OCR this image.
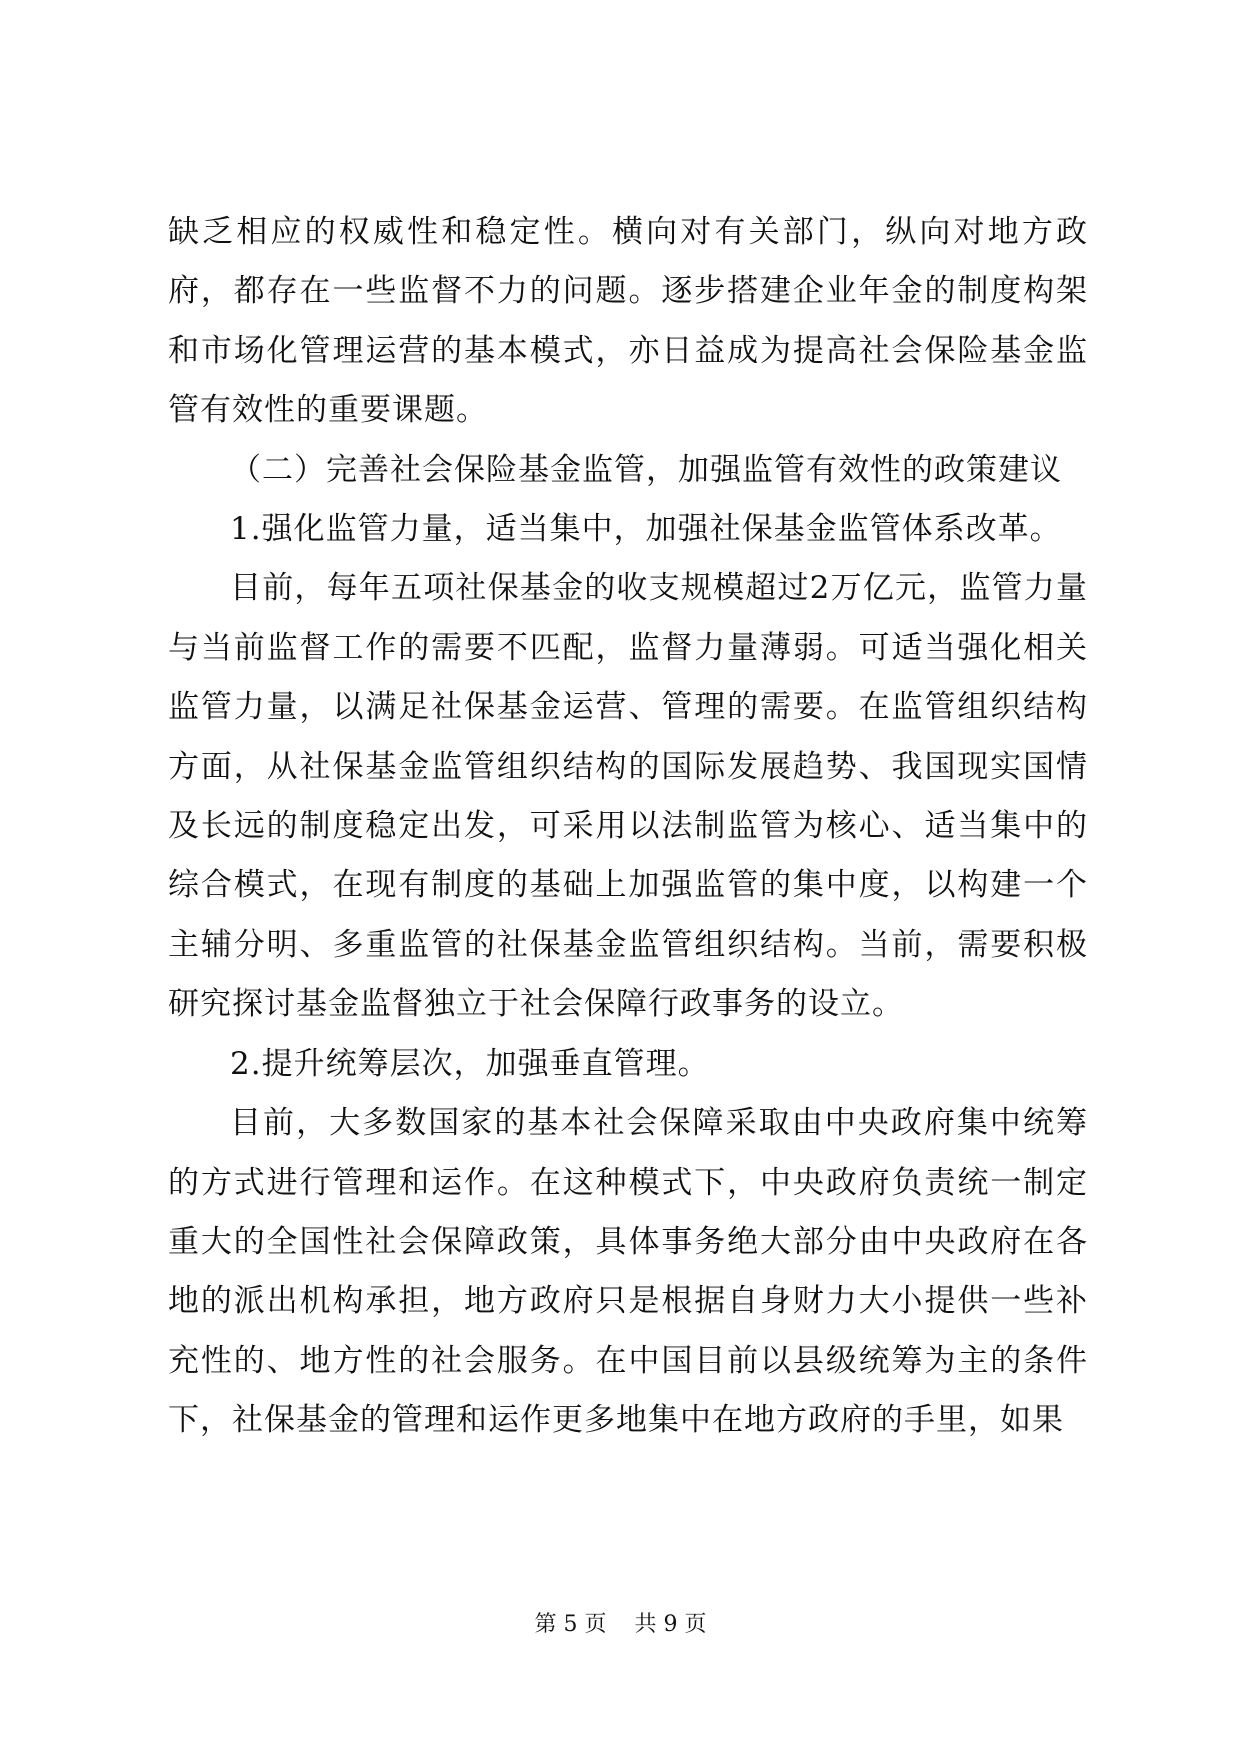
缺乏相应的权威性和稳定性。横向对有关部门，纵向对地方政府，都存在一些监督不力的问题。逐步搭建企业年金的制度构架和市场化管理运营的基本模式，亦日益成为提高社会保险基金监管有效性的重要课题。

（二）完善社会保险基金监管，加强监管有效性的政策建议

1.强化监管力量，适当集中，加强社保基金监管体系改革。

目前，每年五项社保基金的收支规模超过2万亿元，监管力量与当前监督工作的需要不匹配，监督力量薄弱。可适当强化相关监管力量，以满足社保基金运营、管理的需要。在监管组织结构方面，从社保基金监管组织结构的国际发展趋势、我国现实国情及长远的制度稳定出发，可采用以法制监管为核心、适当集中的综合模式，在现有制度的基础上加强监管的集中度，以构建一个主辅分明、多重监管的社保基金监管组织结构。当前，需要积极研究探讨基金监督独立于社会保障行政事务的设立。

2.提升统筹层次，加强垂直管理。

目前，大多数国家的基本社会保障采取由中央政府集中统筹的方式进行管理和运作。在这种模式下，中央政府负责统一制定重大的全国性社会保障政策，具体事务绝大部分由中央政府在各地的派出机构承担，地方政府只是根据自身财力大小提供一些补充性的、地方性的社会服务。在中国目前以县级统筹为主的条件下，社保基金的管理和运作更多地集中在地方政府的手里，如果

第 5 页 共 9 页
